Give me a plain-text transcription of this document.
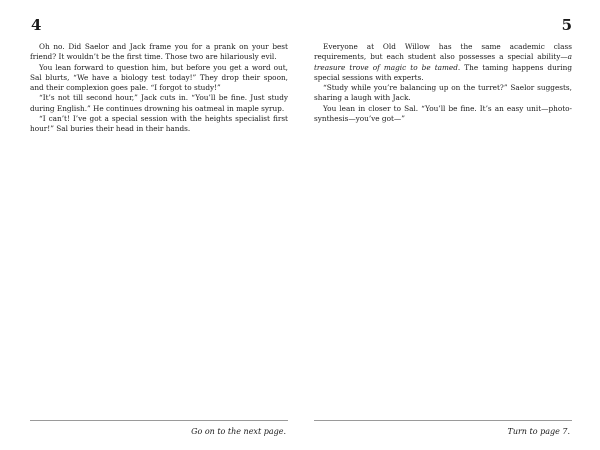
4

Oh no. Did Saelor and Jack frame you for a prank on your best friend? It wouldn’t be the first time. Those two are hilariously evil.

You lean forward to question him, but before you get a word out, Sal blurts, “We have a biology test today!” They drop their spoon, and their complexion goes pale. “I forgot to study!”

“It’s not till second hour,” Jack cuts in. “You’ll be fine. Just study during English.” He continues drowning his oatmeal in maple syrup.

“I can’t! I’ve got a special session with the heights specialist first hour!” Sal buries their head in their hands.

Go on to the next page.
5

Everyone at Old Willow has the same academic class requirements, but each student also possesses a special ability—a treasure trove of magic to be tamed. The taming happens during special sessions with experts.

“Study while you’re balancing up on the turret?” Saelor suggests, sharing a laugh with Jack.

You lean in closer to Sal. “You’ll be fine. It’s an easy unit—photo-synthesis—you’ve got—”

Turn to page 7.
